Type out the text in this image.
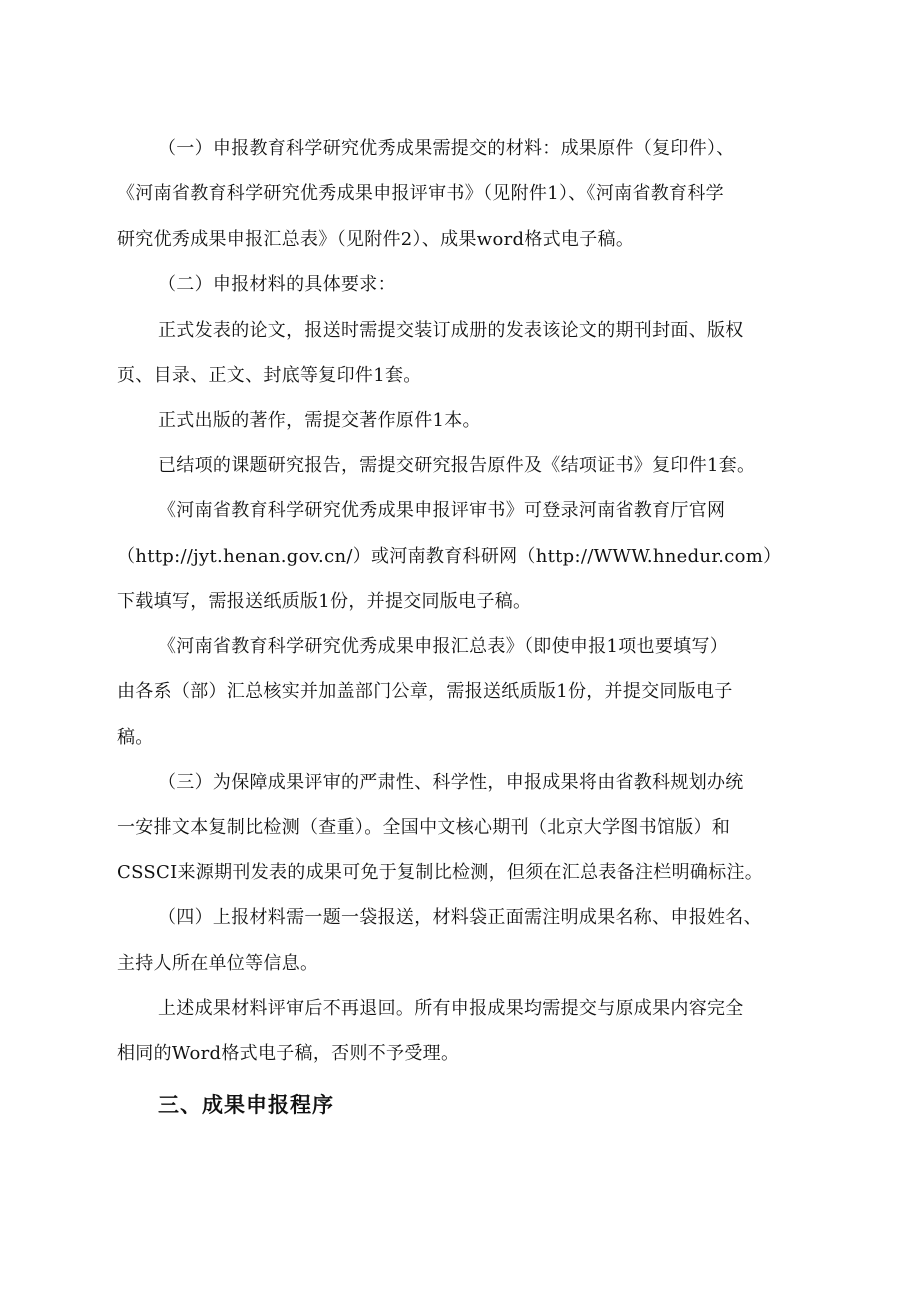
（一）申报教育科学研究优秀成果需提交的材料：成果原件（复印件）、
《河南省教育科学研究优秀成果申报评审书》（见附件1）、《河南省教育科学
研究优秀成果申报汇总表》（见附件2）、成果word格式电子稿。
（二）申报材料的具体要求：
正式发表的论文，报送时需提交装订成册的发表该论文的期刊封面、版权
页、目录、正文、封底等复印件1套。
正式出版的著作，需提交著作原件1本。
已结项的课题研究报告，需提交研究报告原件及《结项证书》复印件1套。
《河南省教育科学研究优秀成果申报评审书》可登录河南省教育厅官网
（http://jyt.henan.gov.cn/）或河南教育科研网（http://WWW.hnedur.com）
下载填写，需报送纸质版1份，并提交同版电子稿。
《河南省教育科学研究优秀成果申报汇总表》（即使申报1项也要填写）
由各系（部）汇总核实并加盖部门公章，需报送纸质版1份，并提交同版电子
稿。
（三）为保障成果评审的严肃性、科学性，申报成果将由省教科规划办统
一安排文本复制比检测（查重）。全国中文核心期刊（北京大学图书馆版）和
CSSCI来源期刊发表的成果可免于复制比检测，但须在汇总表备注栏明确标注。
（四）上报材料需一题一袋报送，材料袋正面需注明成果名称、申报姓名、
主持人所在单位等信息。
上述成果材料评审后不再退回。所有申报成果均需提交与原成果内容完全
相同的Word格式电子稿，否则不予受理。
三、成果申报程序
